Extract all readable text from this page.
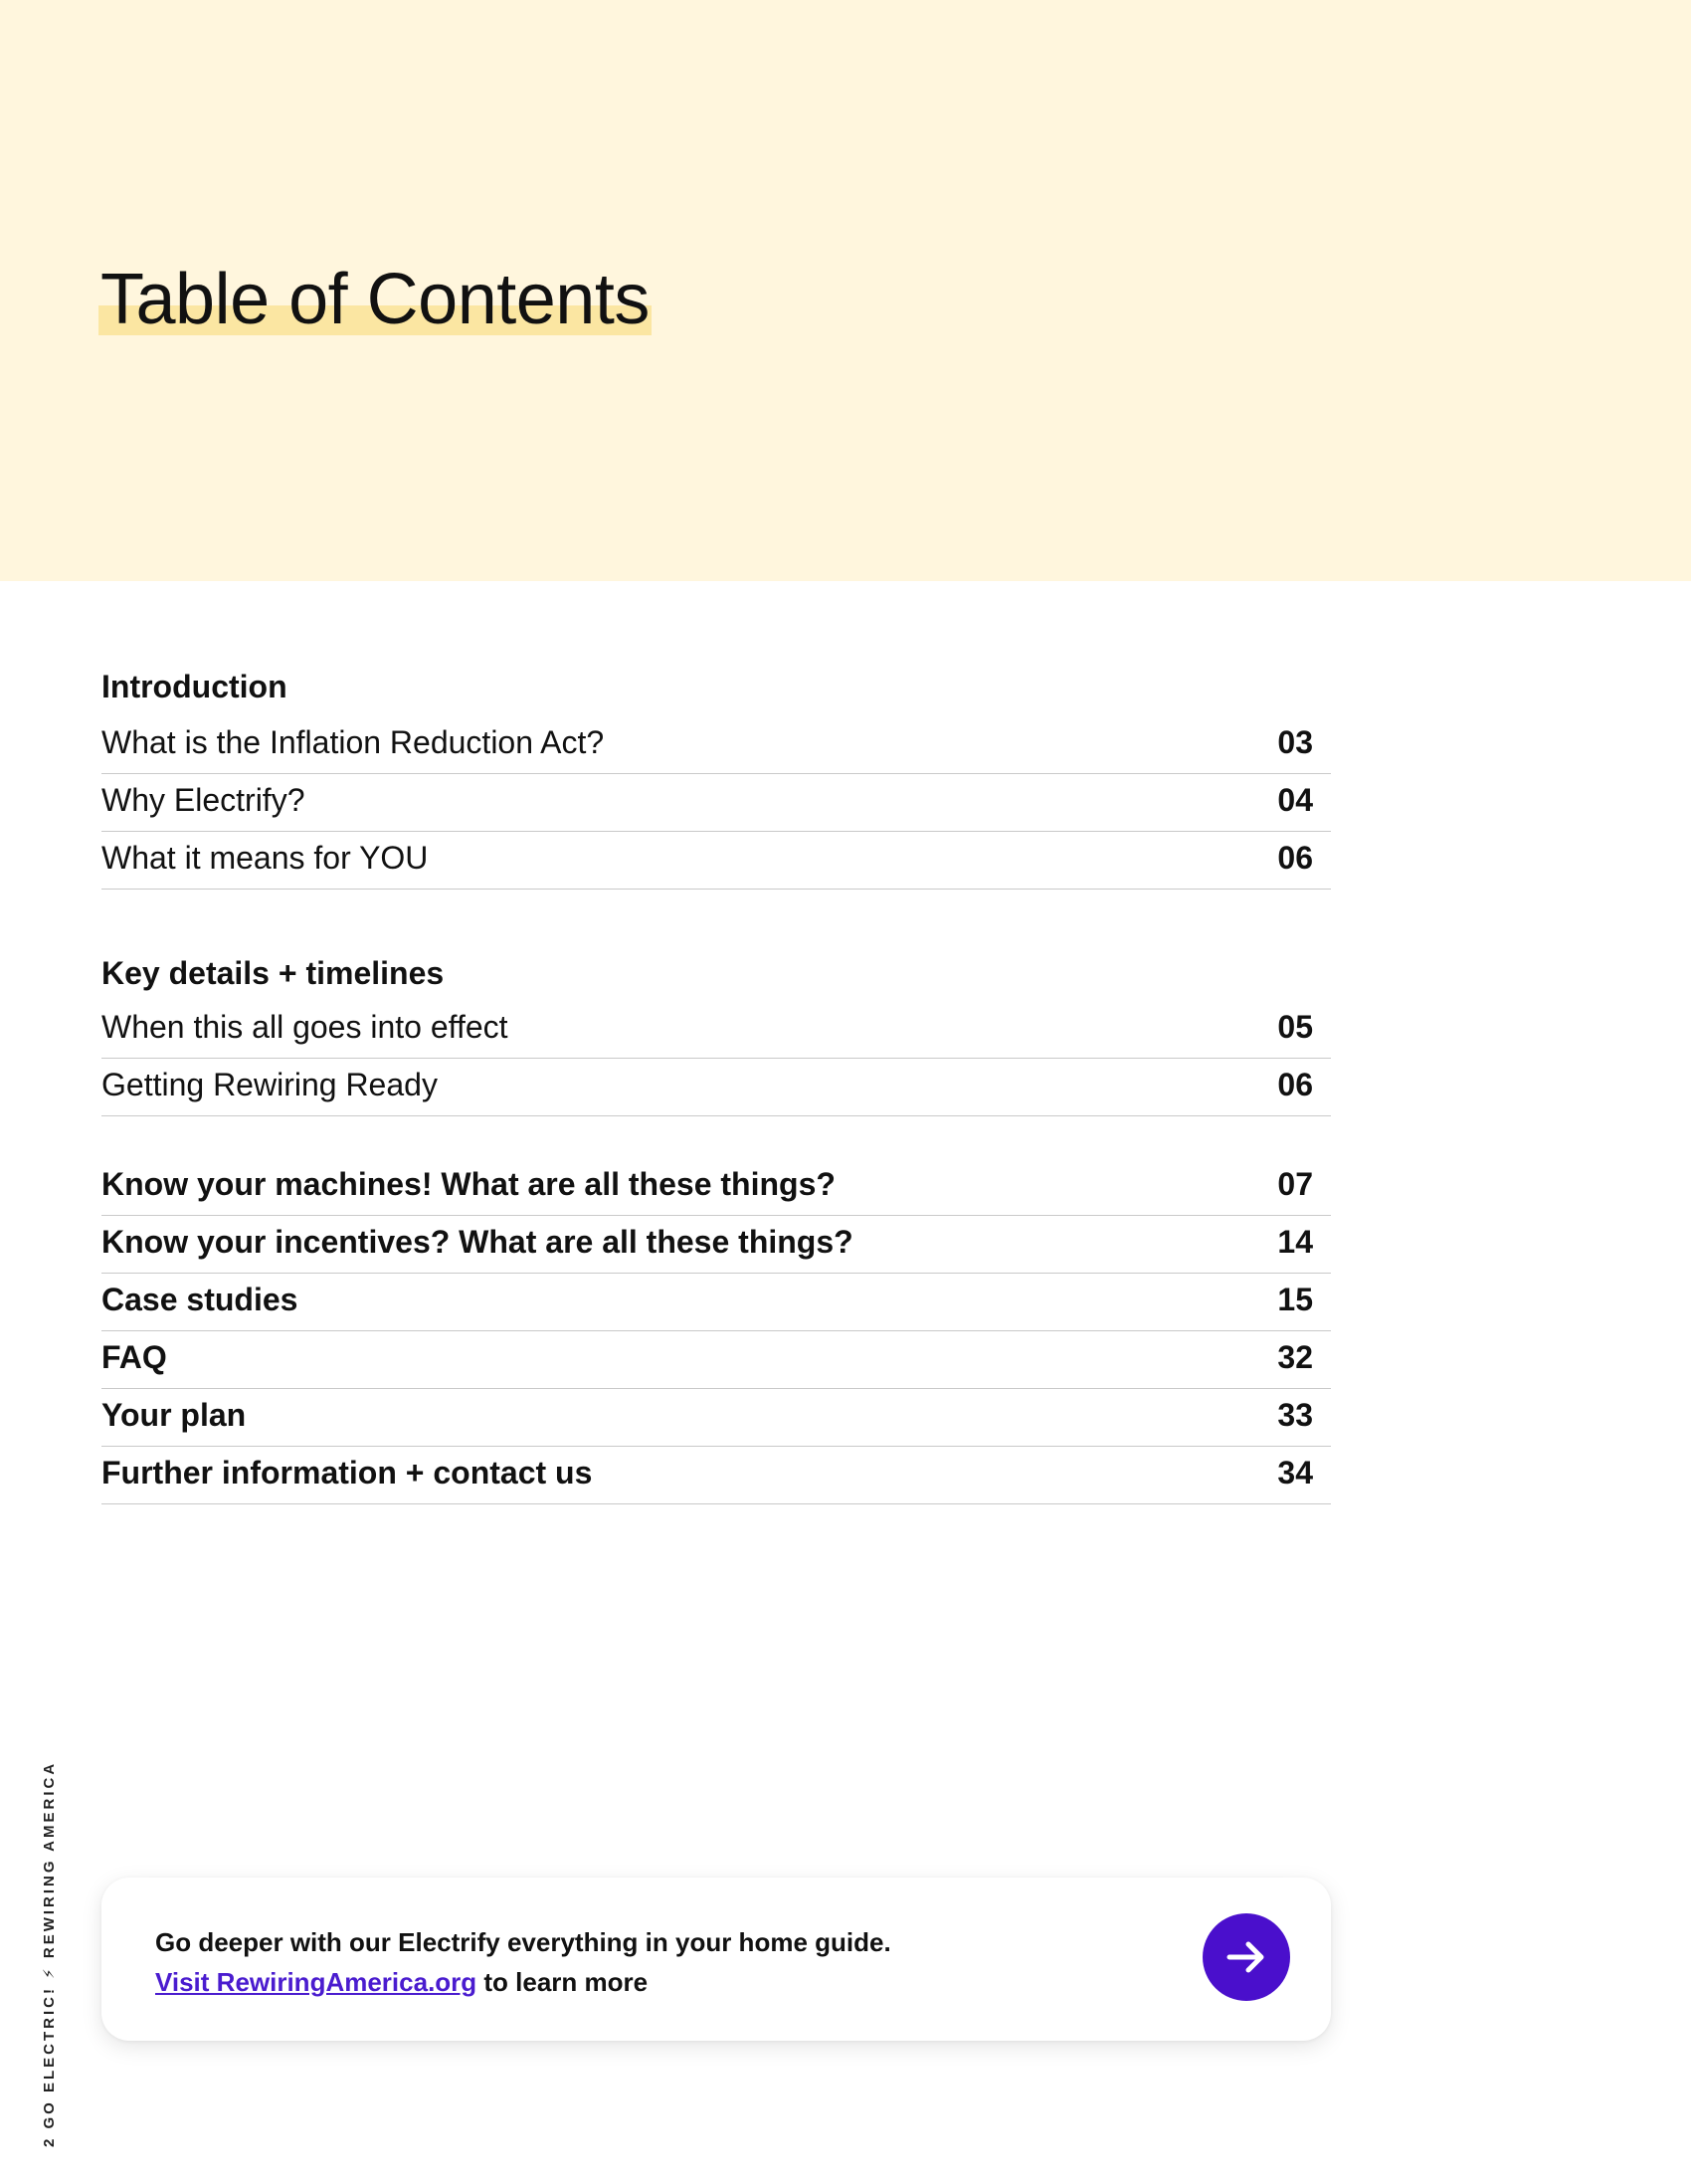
Table of Contents
Introduction
What is the Inflation Reduction Act?	03
Why Electrify?	04
What it means for YOU	06
Key details + timelines
When this all goes into effect	05
Getting Rewiring Ready	06
Know your machines! What are all these things?	07
Know your incentives? What are all these things?	14
Case studies	15
FAQ	32
Your plan	33
Further information + contact us	34
2 GO ELECTRIC! ⚡ REWIRING AMERICA	Go deeper with our Electrify everything in your home guide.
Visit RewiringAmerica.org to learn more
